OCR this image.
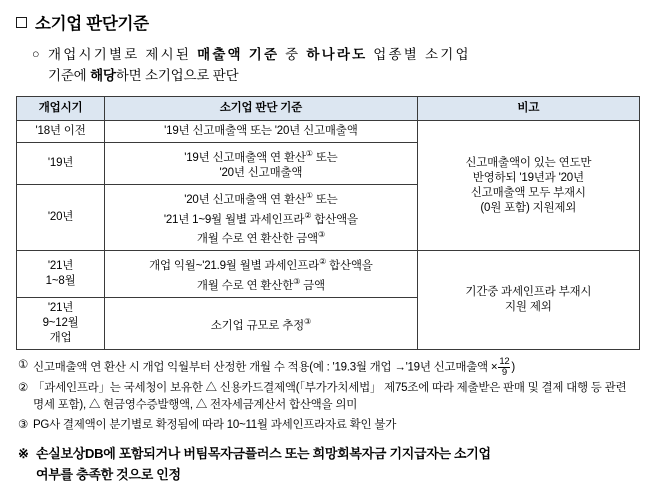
소기업 판단기준
○ 개업시기별로 제시된 매출액 기준 중 하나라도 업종별 소기업
기준에 해당하면 소기업으로 판단
개업시기	소기업 판단 기준	비고
'18년 이전	'19년 신고매출액 또는 '20년 신고매출액	신고매출액이 있는 연도만
반영하되 '19년과 '20년
신고매출액 모두 부재시
(0원 포함) 지원제외
'19년	'19년 신고매출액 연 환산① 또는
'20년 신고매출액	
'20년	'20년 신고매출액 연 환산① 또는
'21년 1~9월 월별 과세인프라② 합산액을
개월 수로 연 환산한 금액③
'21년
1~8월	개업 익월~'21.9월 월별 과세인프라② 합산액을
개월 수로 연 환산한③ 금액	기간중 과세인프라 부재시
지원 제외
'21년
9~12월
개업	소기업 규모로 추정③
① 신고매출액 연 환산 시 개업 익월부터 산정한 개월 수 적용(예 : '19.3월 개업 →'19년 신고매출액 × $\frac{12}{9}$ )
② 「과세인프라」는 국세청이 보유한 △ 신용카드결제액(「부가가치세법」 제75조에 따라 제출받은 판매 및 결제 대행 등 관련 명세 포함), △ 현금영수증발행액, △ 전자세금계산서 합산액을 의미
③ PG사 결제액이 분기별로 확정됨에 따라 10~11월 과세인프라자료 확인 불가
※ 손실보상DB에 포함되거나 버팀목자금플러스 또는 희망회복자금 기지급자는 소기업
여부를 충족한 것으로 인정
